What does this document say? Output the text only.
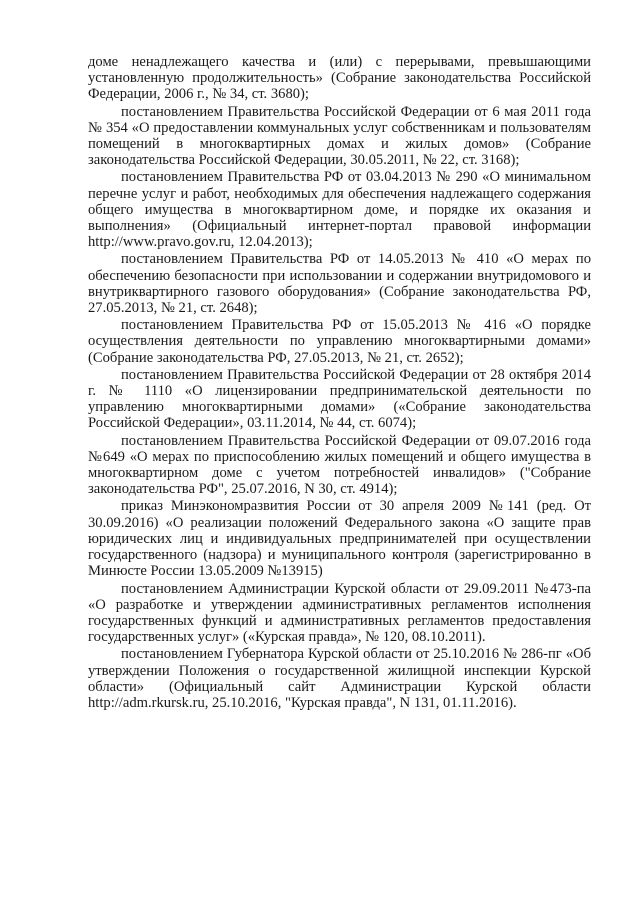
доме ненадлежащего качества и (или) с перерывами, превышающими установленную продолжительность» (Собрание законодательства Российской Федерации, 2006 г., № 34, ст. 3680);

постановлением Правительства Российской Федерации от 6 мая 2011 года № 354 «О предоставлении коммунальных услуг собственникам и пользователям помещений в многоквартирных домах и жилых домов» (Собрание законодательства Российской Федерации, 30.05.2011, № 22, ст. 3168);

постановлением Правительства РФ от 03.04.2013 № 290 «О минимальном перечне услуг и работ, необходимых для обеспечения надлежащего содержания общего имущества в многоквартирном доме, и порядке их оказания и выполнения» (Официальный интернет-портал правовой информации http://www.pravo.gov.ru, 12.04.2013);

постановлением Правительства РФ от 14.05.2013 № 410 «О мерах по обеспечению безопасности при использовании и содержании внутридомового и внутриквартирного газового оборудования» (Собрание законодательства РФ, 27.05.2013, № 21, ст. 2648);

постановлением Правительства РФ от 15.05.2013 № 416 «О порядке осуществления деятельности по управлению многоквартирными домами» (Собрание законодательства РФ, 27.05.2013, № 21, ст. 2652);

постановлением Правительства Российской Федерации от 28 октября 2014 г. № 1110 «О лицензировании предпринимательской деятельности по управлению многоквартирными домами» («Собрание законодательства Российской Федерации», 03.11.2014, № 44, ст. 6074);

постановлением Правительства Российской Федерации от 09.07.2016 года №649 «О мерах по приспособлению жилых помещений и общего имущества в многоквартирном доме с учетом потребностей инвалидов» ("Собрание законодательства РФ", 25.07.2016, N 30, ст. 4914);

приказ Минэкономразвития России от 30 апреля 2009 №141 (ред. От 30.09.2016) «О реализации положений Федерального закона «О защите прав юридических лиц и индивидуальных предпринимателей при осуществлении государственного (надзора) и муниципального контроля (зарегистрированно в Минюсте России 13.05.2009 №13915)

постановлением Администрации Курской области от 29.09.2011 №473-па «О разработке и утверждении административных регламентов исполнения государственных функций и административных регламентов предоставления государственных услуг» («Курская правда», № 120, 08.10.2011).

постановлением Губернатора Курской области от 25.10.2016 № 286-пг «Об утверждении Положения о государственной жилищной инспекции Курской области» (Официальный сайт Администрации Курской области http://adm.rkursk.ru, 25.10.2016, "Курская правда", N 131, 01.11.2016).
